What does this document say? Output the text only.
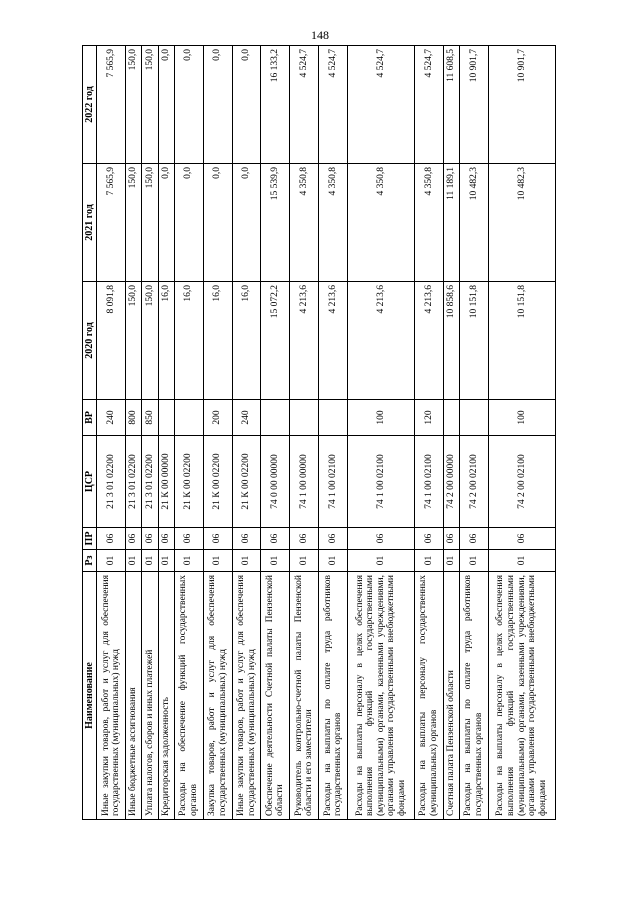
148
Наименование	Рз	ПР	ЦСР	ВР	2020 год	2021 год	2022 год
Иные закупки товаров, работ и услуг для обеспечения государственных (муниципальных) нужд	01	06	21 3 01 02200	240	8 091,8	7 565,9	7 565,9
Иные бюджетные ассигнования	01	06	21 3 01 02200	800	150,0	150,0	150,0
Уплата налогов, сборов и иных платежей	01	06	21 3 01 02200	850	150,0	150,0	150,0
Кредиторская задолженность	01	06	21 К 00 00000		16,0	0,0	0,0
Расходы на обеспечение функций государственных органов	01	06	21 К 00 02200		16,0	0,0	0,0
Закупка товаров, работ и услуг для обеспечения государственных (муниципальных) нужд	01	06	21 К 00 02200	200	16,0	0,0	0,0
Иные закупки товаров, работ и услуг для обеспечения государственных (муниципальных) нужд	01	06	21 К 00 02200	240	16,0	0,0	0,0
Обеспечение деятельности Счетной палаты Пензенской области	01	06	74 0 00 00000		15 072,2	15 539,9	16 133,2
Руководитель контрольно-счетной палаты Пензенской области и его заместители	01	06	74 1 00 00000		4 213,6	4 350,8	4 524,7
Расходы на выплаты по оплате труда работников государственных органов	01	06	74 1 00 02100		4 213,6	4 350,8	4 524,7
Расходы на выплаты персоналу в целях обеспечения выполнения функций государственными (муниципальными) органами, казенными учреждениями, органами управления государственными внебюджетными фондами	01	06	74 1 00 02100	100	4 213,6	4 350,8	4 524,7
Расходы на выплаты персоналу государственных (муниципальных) органов	01	06	74 1 00 02100	120	4 213,6	4 350,8	4 524,7
Счетная палата Пензенской области	01	06	74 2 00 00000		10 858,6	11 189,1	11 608,5
Расходы на выплаты по оплате труда работников государственных органов	01	06	74 2 00 02100		10 151,8	10 482,3	10 901,7
Расходы на выплаты персоналу в целях обеспечения выполнения функций государственными (муниципальными) органами, казенными учреждениями, органами управления государственными внебюджетными фондами	01	06	74 2 00 02100	100	10 151,8	10 482,3	10 901,7
